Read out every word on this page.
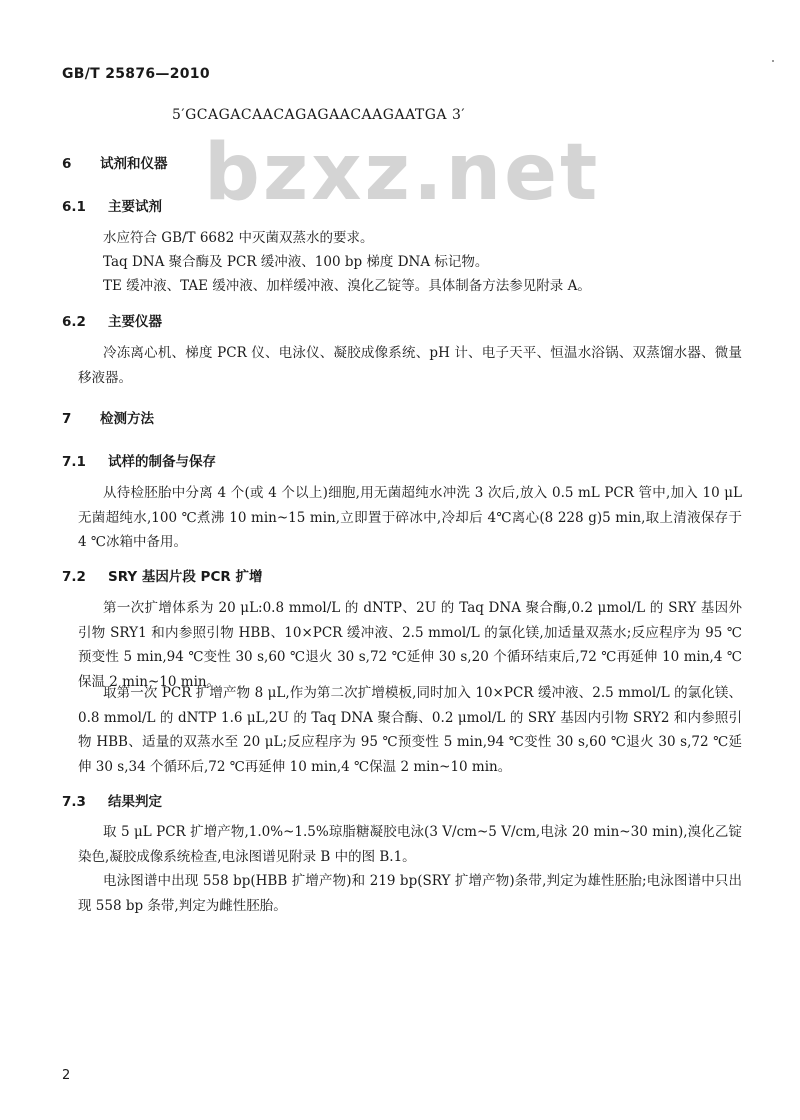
GB/T 25876—2010
5′GCAGACAACAGAGAACAAGAATGA 3′
bzxz.net
6 试剂和仪器
6.1 主要试剂
水应符合 GB/T 6682 中灭菌双蒸水的要求。
Taq DNA 聚合酶及 PCR 缓冲液、100 bp 梯度 DNA 标记物。
TE 缓冲液、TAE 缓冲液、加样缓冲液、溴化乙锭等。具体制备方法参见附录 A。
6.2 主要仪器
冷冻离心机、梯度 PCR 仪、电泳仪、凝胶成像系统、pH 计、电子天平、恒温水浴锅、双蒸馏水器、微量移液器。
7 检测方法
7.1 试样的制备与保存
从待检胚胎中分离 4 个(或 4 个以上)细胞,用无菌超纯水冲洗 3 次后,放入 0.5 mL PCR 管中,加入 10 μL 无菌超纯水,100 ℃煮沸 10 min~15 min,立即置于碎冰中,冷却后 4℃离心(8 228 g)5 min,取上清液保存于 4 ℃冰箱中备用。
7.2 SRY 基因片段 PCR 扩增
第一次扩增体系为 20 μL:0.8 mmol/L 的 dNTP、2U 的 Taq DNA 聚合酶,0.2 μmol/L 的 SRY 基因外引物 SRY1 和内参照引物 HBB、10×PCR 缓冲液、2.5 mmol/L 的氯化镁,加适量双蒸水;反应程序为 95 ℃预变性 5 min,94 ℃变性 30 s,60 ℃退火 30 s,72 ℃延伸 30 s,20 个循环结束后,72 ℃再延伸 10 min,4 ℃保温 2 min~10 min。
取第一次 PCR 扩增产物 8 μL,作为第二次扩增模板,同时加入 10×PCR 缓冲液、2.5 mmol/L 的氯化镁、0.8 mmol/L 的 dNTP 1.6 μL,2U 的 Taq DNA 聚合酶、0.2 μmol/L 的 SRY 基因内引物 SRY2 和内参照引物 HBB、适量的双蒸水至 20 μL;反应程序为 95 ℃预变性 5 min,94 ℃变性 30 s,60 ℃退火 30 s,72 ℃延伸 30 s,34 个循环后,72 ℃再延伸 10 min,4 ℃保温 2 min~10 min。
7.3 结果判定
取 5 μL PCR 扩增产物,1.0%~1.5%琼脂糖凝胶电泳(3 V/cm~5 V/cm,电泳 20 min~30 min),溴化乙锭染色,凝胶成像系统检查,电泳图谱见附录 B 中的图 B.1。
电泳图谱中出现 558 bp(HBB 扩增产物)和 219 bp(SRY 扩增产物)条带,判定为雄性胚胎;电泳图谱中只出现 558 bp 条带,判定为雌性胚胎。
2
